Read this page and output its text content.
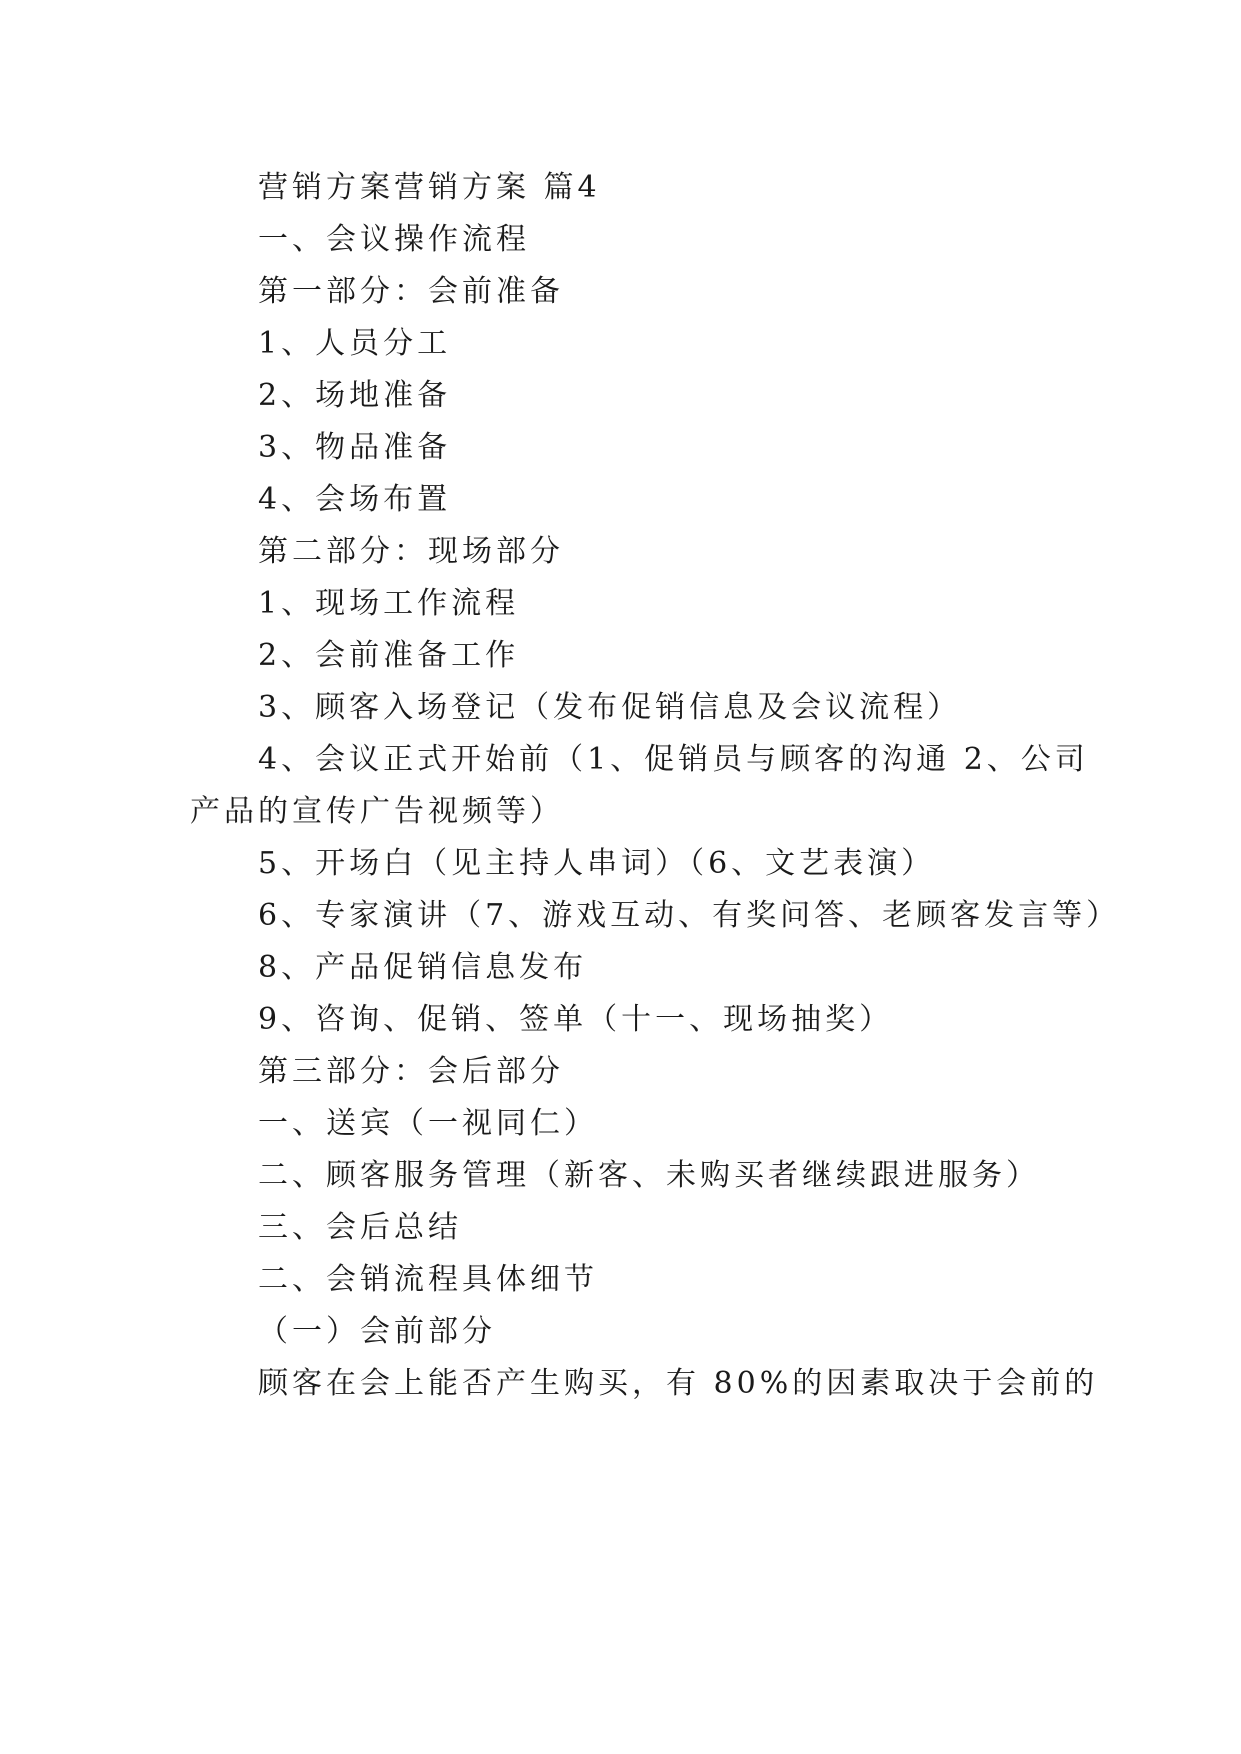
营销方案营销方案 篇4
一、会议操作流程
第一部分：会前准备
1、人员分工
2、场地准备
3、物品准备
4、会场布置
第二部分：现场部分
1、现场工作流程
2、会前准备工作
3、顾客入场登记（发布促销信息及会议流程）
4、会议正式开始前（1、促销员与顾客的沟通 2、公司
产品的宣传广告视频等）
5、开场白（见主持人串词）（6、文艺表演）
6、专家演讲（7、游戏互动、有奖问答、老顾客发言等）
8、产品促销信息发布
9、咨询、促销、签单（十一、现场抽奖）
第三部分：会后部分
一、送宾（一视同仁）
二、顾客服务管理（新客、未购买者继续跟进服务）
三、会后总结
二、会销流程具体细节
（一）会前部分
顾客在会上能否产生购买，有 80%的因素取决于会前的
